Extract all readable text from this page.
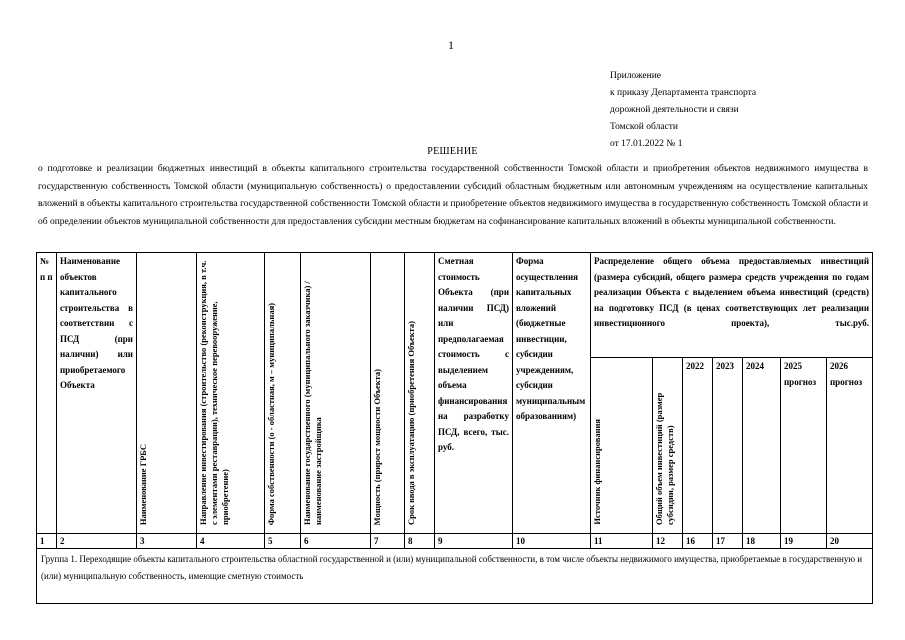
1
Приложение
к приказу Департамента транспорта
дорожной деятельности и связи
Томской области
от 17.01.2022 № 1
РЕШЕНИЕ
о подготовке и реализации бюджетных инвестиций в объекты капитального строительства государственной собственности Томской области и приобретения объектов недвижимого имущества в государственную собственность Томской области (муниципальную собственность) о предоставлении субсидий областным бюджетным или автономным учреждениям на осуществление капитальных вложений в объекты капитального строительства государственной собственности Томской области и приобретение объектов недвижимого имущества в государственную собственность Томской области и об определении объектов муниципальной собственности для предоставления субсидии местным бюджетам на софинансирование капитальных вложений в объекты муниципальной собственности.
№ п п	Наименование объектов капитального строительства в соответствии с ПСД (при наличии) или приобретаемого Объекта	Наименование ГРБС	Направление инвестирования (строительство (реконструкция, в т.ч. с элементами реставрации), техническое перевооружение, приобретение)	Форма собственности (о - областная, м – муниципальная)	Наименование государственного (муниципального заказчика) / наименование застройщика	Мощность (прирост мощности Объекта)	Срок ввода в эксплуатацию (приобретения Объекта)	Сметная стоимость Объекта (при наличии ПСД) или предполагаемая стоимость с выделением объема финансирования на разработку ПСД, всего, тыс. руб.	Форма осуществления капитальных вложений (бюджетные инвестиции, субсидии учреждениям, субсидии муниципальным образованиям)	Распределение общего объема предоставляемых инвестиций (размера субсидий, общего размера средств учреждения по годам реализации Объекта с выделением объема инвестиций (средств) на подготовку ПСД (в ценах соответствующих лет реализации инвестиционного проекта), тыс.руб.						
										Источник финансирования	Общий объем инвестиций (размер субсидии, размер средств)	2022	2023	2024	2025 прогноз	2026 прогноз
1	2	3	4	5	6	7	8	9	10	11	12	16	17	18	19	20
Группа 1. Переходящие объекты капитального строительства областной государственной и (или) муниципальной собственности, в том числе объекты недвижимого имущества, приобретаемые в государственную и (или) муниципальную собственность, имеющие сметную стоимость																
